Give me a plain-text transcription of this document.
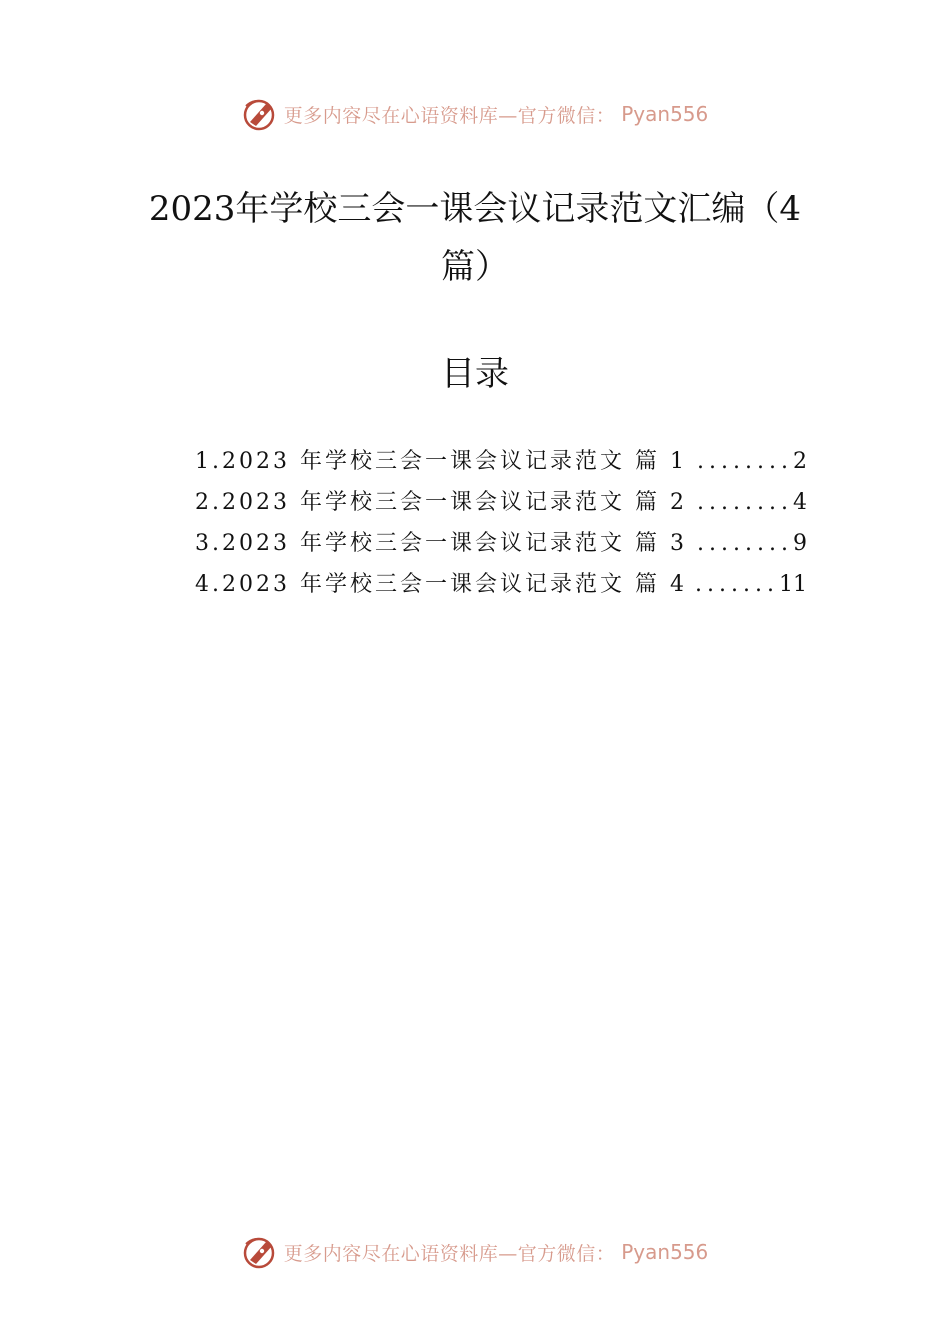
更多内容尽在心语资料库—官方微信： Pyan556
2023年学校三会一课会议记录范文汇编（4篇）
目录
1.2023 年学校三会一课会议记录范文 篇 1 ........ 2
2.2023 年学校三会一课会议记录范文 篇 2 ........ 4
3.2023 年学校三会一课会议记录范文 篇 3 ........ 9
4.2023 年学校三会一课会议记录范文 篇 4 ....... 11
更多内容尽在心语资料库—官方微信： Pyan556
